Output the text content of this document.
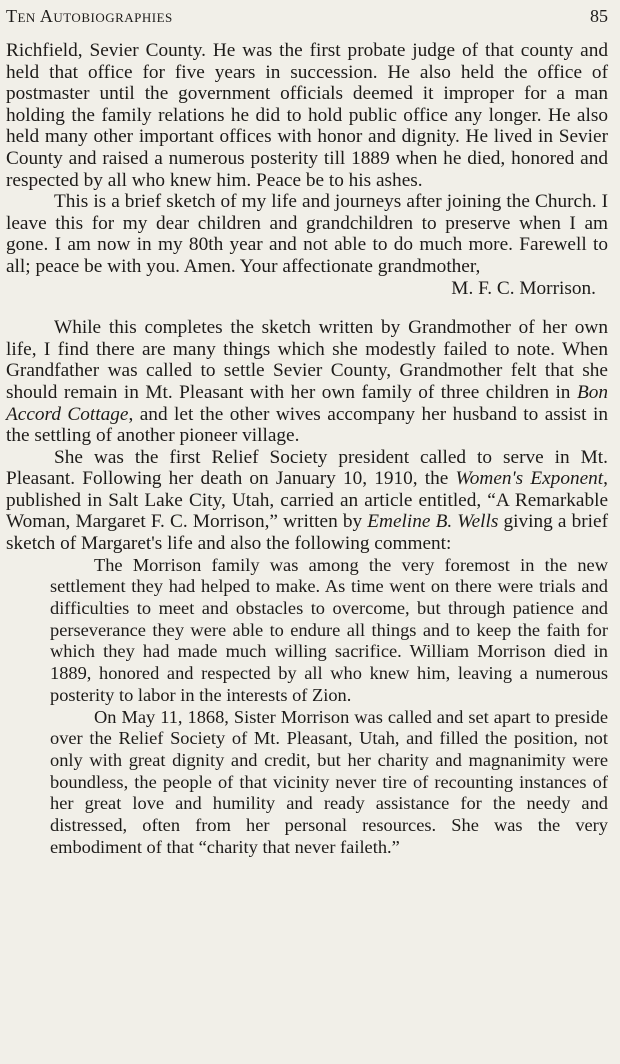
Ten Autobiographies	85

Richfield, Sevier County. He was the first probate judge of that county and held that office for five years in succession. He also held the office of postmaster until the government officials deemed it improper for a man holding the family relations he did to hold public office any longer. He also held many other important offices with honor and dignity. He lived in Sevier County and raised a numerous posterity till 1889 when he died, honored and respected by all who knew him. Peace be to his ashes.

This is a brief sketch of my life and journeys after joining the Church. I leave this for my dear children and grandchildren to preserve when I am gone. I am now in my 80th year and not able to do much more. Farewell to all; peace be with you. Amen. Your affectionate grandmother,

M. F. C. Morrison.

While this completes the sketch written by Grandmother of her own life, I find there are many things which she modestly failed to note. When Grandfather was called to settle Sevier County, Grandmother felt that she should remain in Mt. Pleasant with her own family of three children in Bon Accord Cottage, and let the other wives accompany her husband to assist in the settling of another pioneer village.

She was the first Relief Society president called to serve in Mt. Pleasant. Following her death on January 10, 1910, the Women's Exponent, published in Salt Lake City, Utah, carried an article entitled, “A Remarkable Woman, Margaret F. C. Morrison,” written by Emeline B. Wells giving a brief sketch of Margaret's life and also the following comment:

The Morrison family was among the very foremost in the new settlement they had helped to make. As time went on there were trials and difficulties to meet and obstacles to overcome, but through patience and perseverance they were able to endure all things and to keep the faith for which they had made much willing sacrifice. William Morrison died in 1889, honored and respected by all who knew him, leaving a numerous posterity to labor in the interests of Zion.

On May 11, 1868, Sister Morrison was called and set apart to preside over the Relief Society of Mt. Pleasant, Utah, and filled the position, not only with great dignity and credit, but her charity and magnanimity were boundless, the people of that vicinity never tire of recounting instances of her great love and humility and ready assistance for the needy and distressed, often from her personal resources. She was the very embodiment of that “charity that never faileth.”
